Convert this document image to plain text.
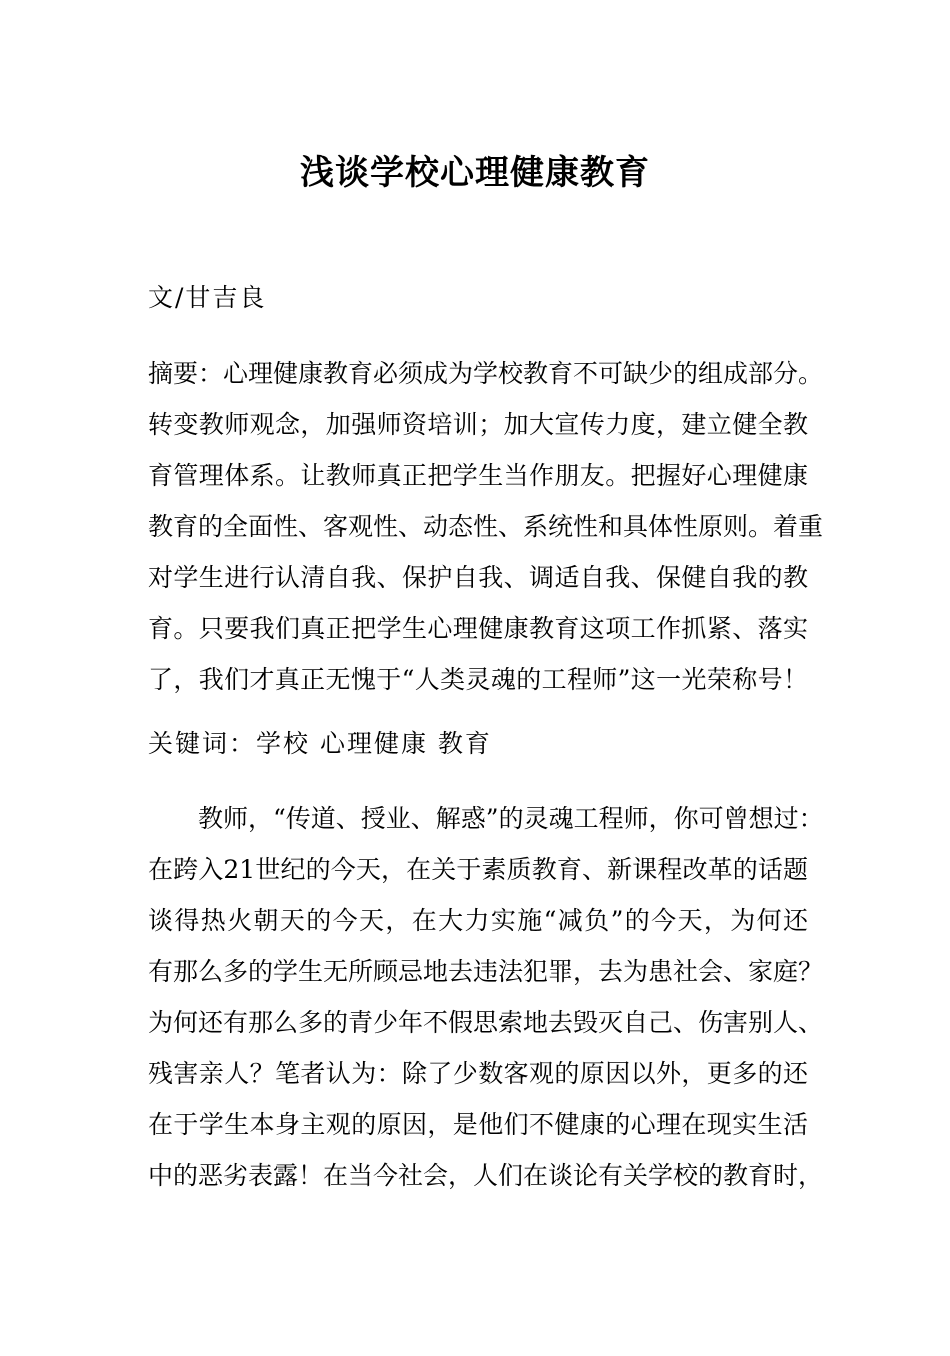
浅谈学校心理健康教育
文/甘吉良
摘要：心理健康教育必须成为学校教育不可缺少的组成部分。
转变教师观念，加强师资培训；加大宣传力度，建立健全教
育管理体系。让教师真正把学生当作朋友。把握好心理健康
教育的全面性、客观性、动态性、系统性和具体性原则。着重
对学生进行认清自我、保护自我、调适自我、保健自我的教
育。只要我们真正把学生心理健康教育这项工作抓紧、落实
了，我们才真正无愧于“人类灵魂的工程师”这一光荣称号！
关键词：学校 心理健康 教育
　　教师，“传道、授业、解惑”的灵魂工程师，你可曾想过：
在跨入21世纪的今天，在关于素质教育、新课程改革的话题
谈得热火朝天的今天，在大力实施“减负”的今天，为何还
有那么多的学生无所顾忌地去违法犯罪，去为患社会、家庭？
为何还有那么多的青少年不假思索地去毁灭自己、伤害别人、
残害亲人？笔者认为：除了少数客观的原因以外，更多的还
在于学生本身主观的原因，是他们不健康的心理在现实生活
中的恶劣表露！在当今社会，人们在谈论有关学校的教育时，
